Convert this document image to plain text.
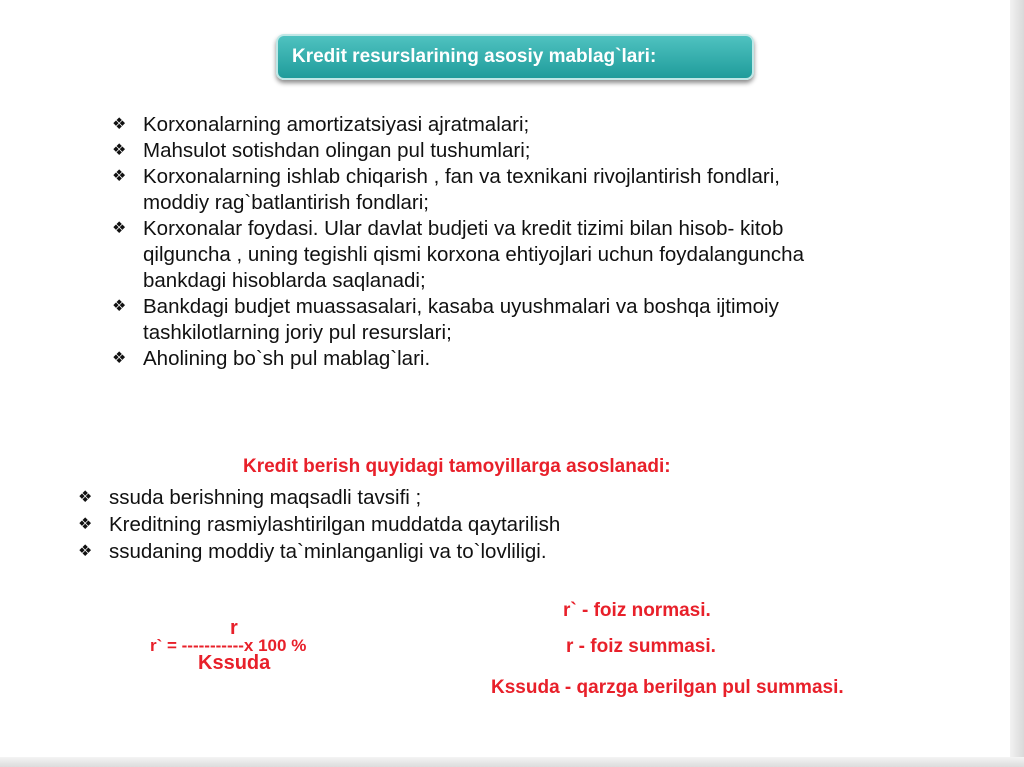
Kredit resurslarining asosiy mablag`lari:
❖ Korxonalarning amortizatsiyasi ajratmalari;
❖ Mahsulot sotishdan olingan pul tushumlari;
❖ Korxonalarning ishlab chiqarish , fan va texnikani rivojlantirish fondlari,
moddiy rag`batlantirish fondlari;
❖ Korxonalar foydasi. Ular davlat budjeti va kredit tizimi bilan hisob- kitob
qilguncha , uning tegishli qismi korxona ehtiyojlari uchun foydalanguncha
bankdagi hisoblarda saqlanadi;
❖ Bankdagi budjet muassasalari, kasaba uyushmalari va boshqa ijtimoiy
tashkilotlarning joriy pul resurslari;
❖ Aholining bo`sh pul mablag`lari.
Kredit berish quyidagi tamoyillarga asoslanadi:
❖ ssuda berishning maqsadli tavsifi ;
❖ Kreditning rasmiylashtirilgan muddatda qaytarilish
❖ ssudaning moddiy ta`minlanganligi va to`lovliligi.
r
r` = -----------x 100 %
Kssuda
r` - foiz normasi.
r - foiz summasi.
Kssuda - qarzga berilgan pul summasi.
